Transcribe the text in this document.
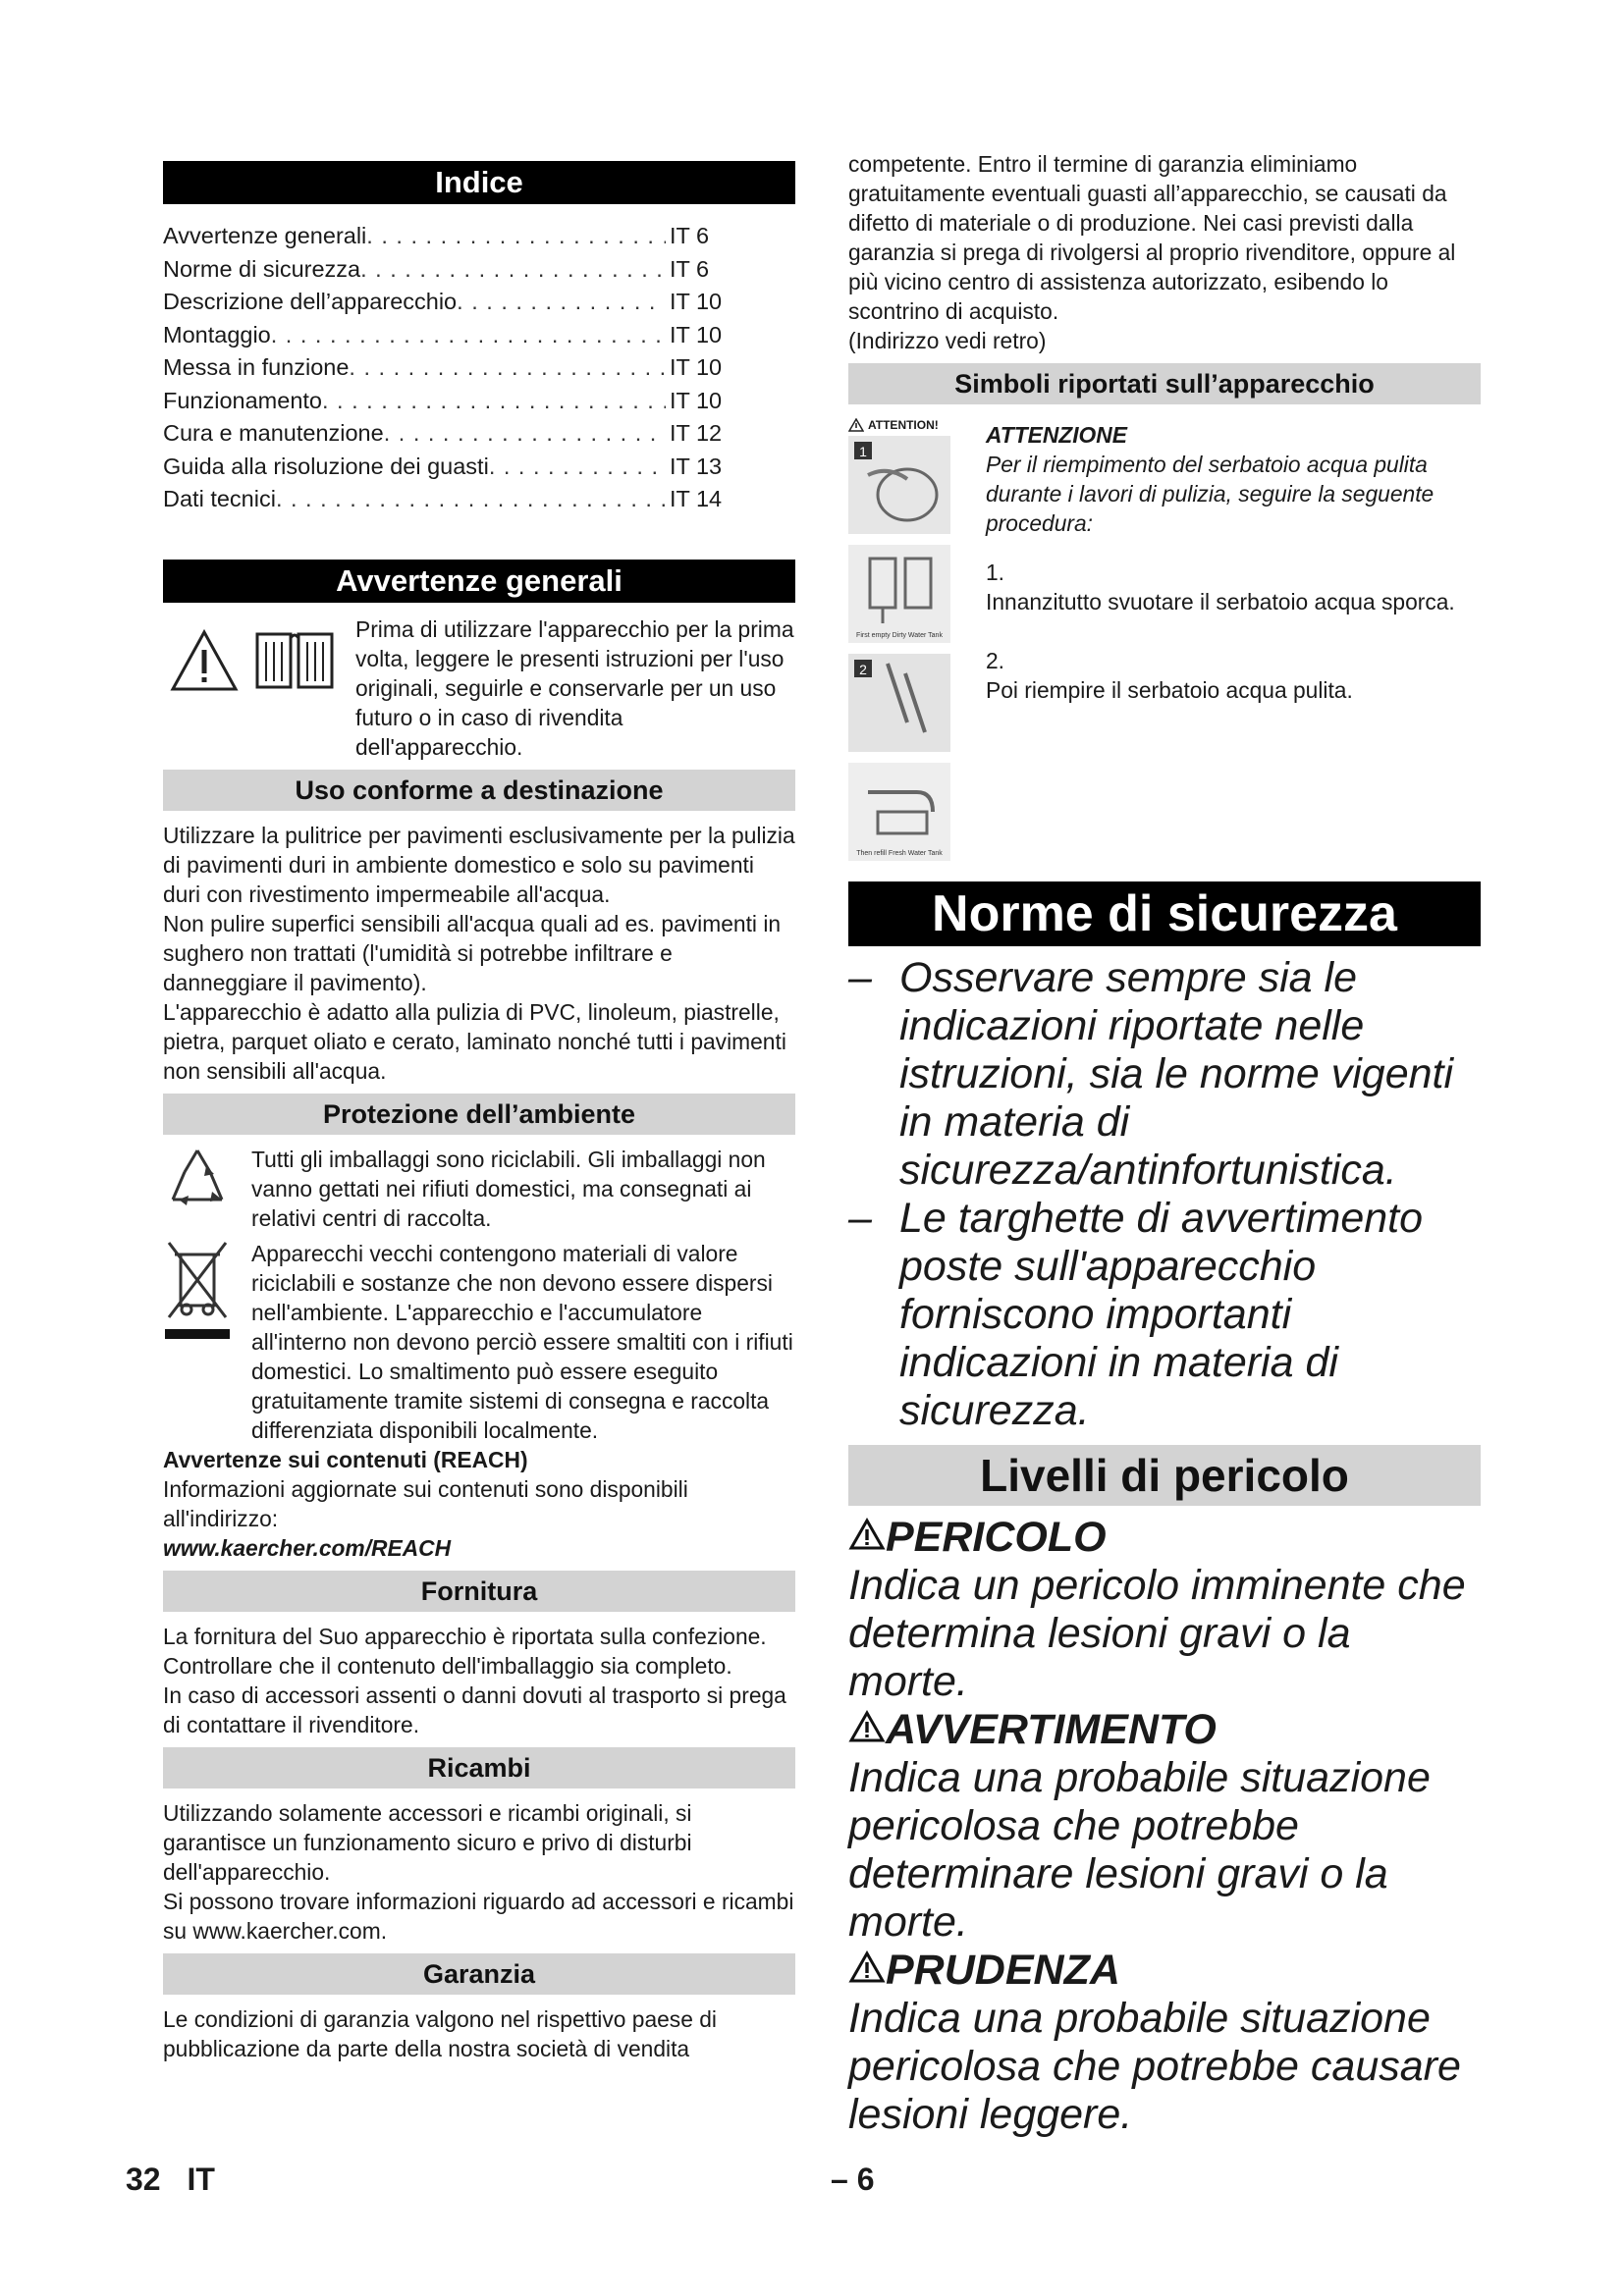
Indice
Avvertenze generali . . .	IT 6
Norme di sicurezza . . .	IT 6
Descrizione dell’apparecchio . . .	IT 10
Montaggio . . .	IT 10
Messa in funzione . . .	IT 10
Funzionamento . . .	IT 10
Cura e manutenzione . . .	IT 12
Guida alla risoluzione dei guasti . . .	IT 13
Dati tecnici . . .	IT 14
Avvertenze generali

Prima di utilizzare l'apparecchio per la prima volta, leggere le presenti istruzioni per l'uso originali, seguirle e conservarle per un uso futuro o in caso di rivendita dell'apparecchio.

Uso conforme a destinazione

Utilizzare la pulitrice per pavimenti esclusivamente per la pulizia di pavimenti duri in ambiente domestico e solo su pavimenti duri con rivestimento impermeabile all'acqua.

Non pulire superfici sensibili all'acqua quali ad es. pavimenti in sughero non trattati (l'umidità si potrebbe infiltrare e danneggiare il pavimento).

L'apparecchio è adatto alla pulizia di PVC, linoleum, piastrelle, pietra, parquet oliato e cerato, laminato nonché tutti i pavimenti non sensibili all'acqua.

Protezione dell’ambiente

Tutti gli imballaggi sono riciclabili. Gli imballaggi non vanno gettati nei rifiuti domestici, ma consegnati ai relativi centri di raccolta.

Apparecchi vecchi contengono materiali di valore riciclabili e sostanze che non devono essere dispersi nell'ambiente. L'apparecchio e l'accumulatore all'interno non devono perciò essere smaltiti con i rifiuti domestici. Lo smaltimento può essere eseguito gratuitamente tramite sistemi di consegna e raccolta differenziata disponibili localmente.

Avvertenze sui contenuti (REACH)

Informazioni aggiornate sui contenuti sono disponibili all'indirizzo:

www.kaercher.com/REACH

Fornitura

La fornitura del Suo apparecchio è riportata sulla confezione. Controllare che il contenuto dell'imballaggio sia completo.

In caso di accessori assenti o danni dovuti al trasporto si prega di contattare il rivenditore.

Ricambi

Utilizzando solamente accessori e ricambi originali, si garantisce un funzionamento sicuro e privo di disturbi dell'apparecchio.

Si possono trovare informazioni riguardo ad accessori e ricambi su www.kaercher.com.

Garanzia

Le condizioni di garanzia valgono nel rispettivo paese di pubblicazione da parte della nostra società di vendita

competente. Entro il termine di garanzia eliminiamo gratuitamente eventuali guasti all’apparecchio, se causati da difetto di materiale o di produzione. Nei casi previsti dalla garanzia si prega di rivolgersi al proprio rivenditore, oppure al più vicino centro di assistenza autorizzato, esibendo lo scontrino di acquisto.

(Indirizzo vedi retro)

Simboli riportati sull’apparecchio
ATTENTION!
1

First empty Dirty Water Tank

2

Then refill Fresh Water Tank

ATTENZIONE

Per il riempimento del serbatoio acqua pulita durante i lavori di pulizia, seguire la seguente procedura:

1.

Innanzitutto svuotare il serbatoio acqua sporca.

2.

Poi riempire il serbatoio acqua pulita.

Norme di sicurezza
– Osservare sempre sia le indicazioni riportate nelle istruzioni, sia le norme vigenti in materia di sicurezza/antinfortunistica.
– Le targhette di avvertimento poste sull'apparecchio forniscono importanti indicazioni in materia di sicurezza.
Livelli di pericolo
PERICOLO

Indica un pericolo imminente che determina lesioni gravi o la morte.

AVVERTIMENTO

Indica una probabile situazione pericolosa che potrebbe determinare lesioni gravi o la morte.

PRUDENZA

Indica una probabile situazione pericolosa che potrebbe causare lesioni leggere.

32 IT	– 6
